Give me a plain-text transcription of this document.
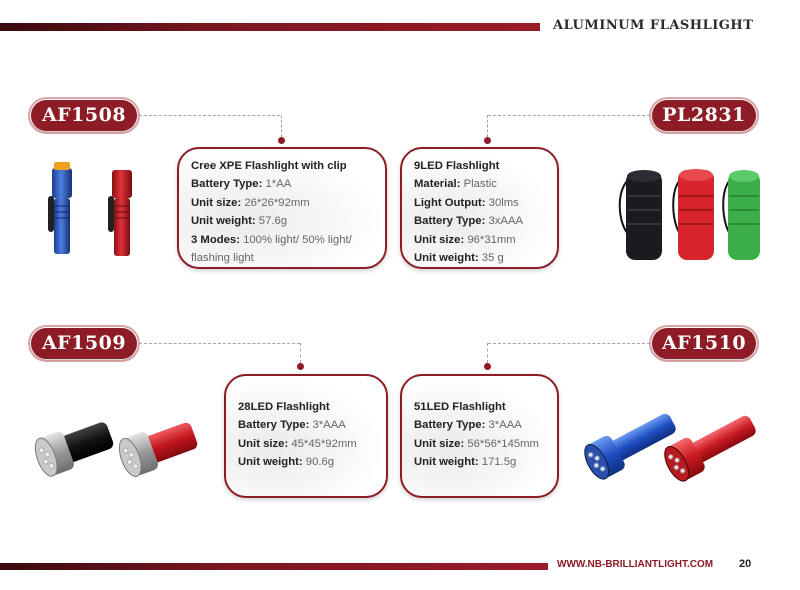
ALUMINUM FLASHLIGHT
WWW.NB-BRILLIANTLIGHT.COM 20
AF1508
Cree XPE Flashlight with clip
Battery Type: 1*AA
Unit size: 26*26*92mm
Unit weight: 57.6g
3 Modes: 100% light/ 50% light/ flashing light
PL2831
9LED Flashlight
Material: Plastic
Light Output: 30lms
Battery Type: 3xAAA
Unit size: 96*31mm
Unit weight: 35 g
AF1509
28LED Flashlight
Battery Type: 3*AAA
Unit size: 45*45*92mm
Unit weight: 90.6g
AF1510
51LED Flashlight
Battery Type: 3*AAA
Unit size: 56*56*145mm
Unit weight: 171.5g
